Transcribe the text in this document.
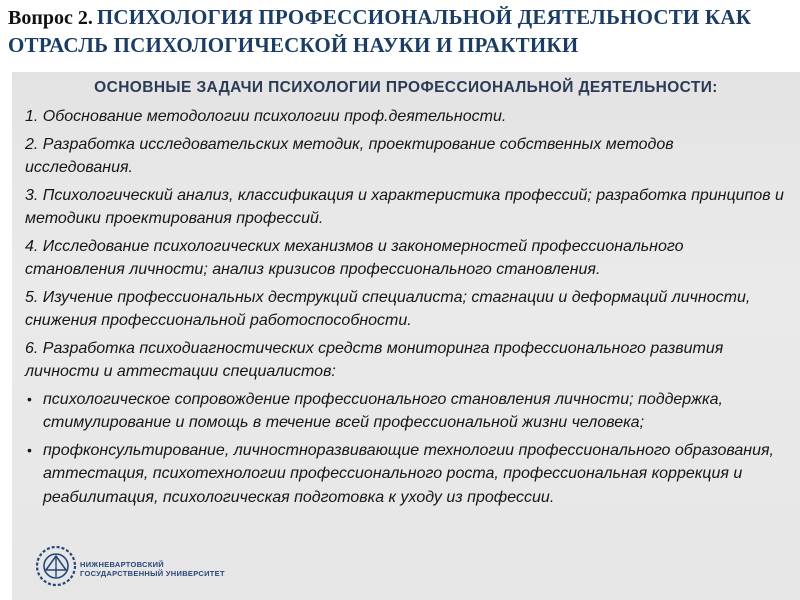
Вопрос 2. ПСИХОЛОГИЯ ПРОФЕССИОНАЛЬНОЙ ДЕЯТЕЛЬНОСТИ КАК
ОТРАСЛЬ ПСИХОЛОГИЧЕСКОЙ НАУКИ И ПРАКТИКИ
ОСНОВНЫЕ ЗАДАЧИ ПСИХОЛОГИИ ПРОФЕССИОНАЛЬНОЙ ДЕЯТЕЛЬНОСТИ:
1. Обоснование методологии психологии проф.деятельности.
2. Разработка исследовательских методик, проектирование собственных методов исследования.
3. Психологический анализ, классификация и характеристика профессий; разработка принципов и методики проектирования профессий.
4. Исследование психологических механизмов и закономерностей профессионального становления личности; анализ кризисов профессионального становления.
5. Изучение профессиональных деструкций специалиста; стагнации и деформаций личности, снижения профессиональной работоспособности.
6. Разработка психодиагностических средств мониторинга профессионального развития личности и аттестации специалистов:
• психологическое сопровождение профессионального становления личности; поддержка, стимулирование и помощь в течение всей профессиональной жизни человека;
• профконсультирование, личностноразвивающие технологии профессионального образования, аттестация, психотехнологии профессионального роста, профессиональная коррекция и реабилитация, психологическая подготовка к уходу из профессии.
НИЖНЕВАРТОВСКИЙ
ГОСУДАРСТВЕННЫЙ УНИВЕРСИТЕТ
